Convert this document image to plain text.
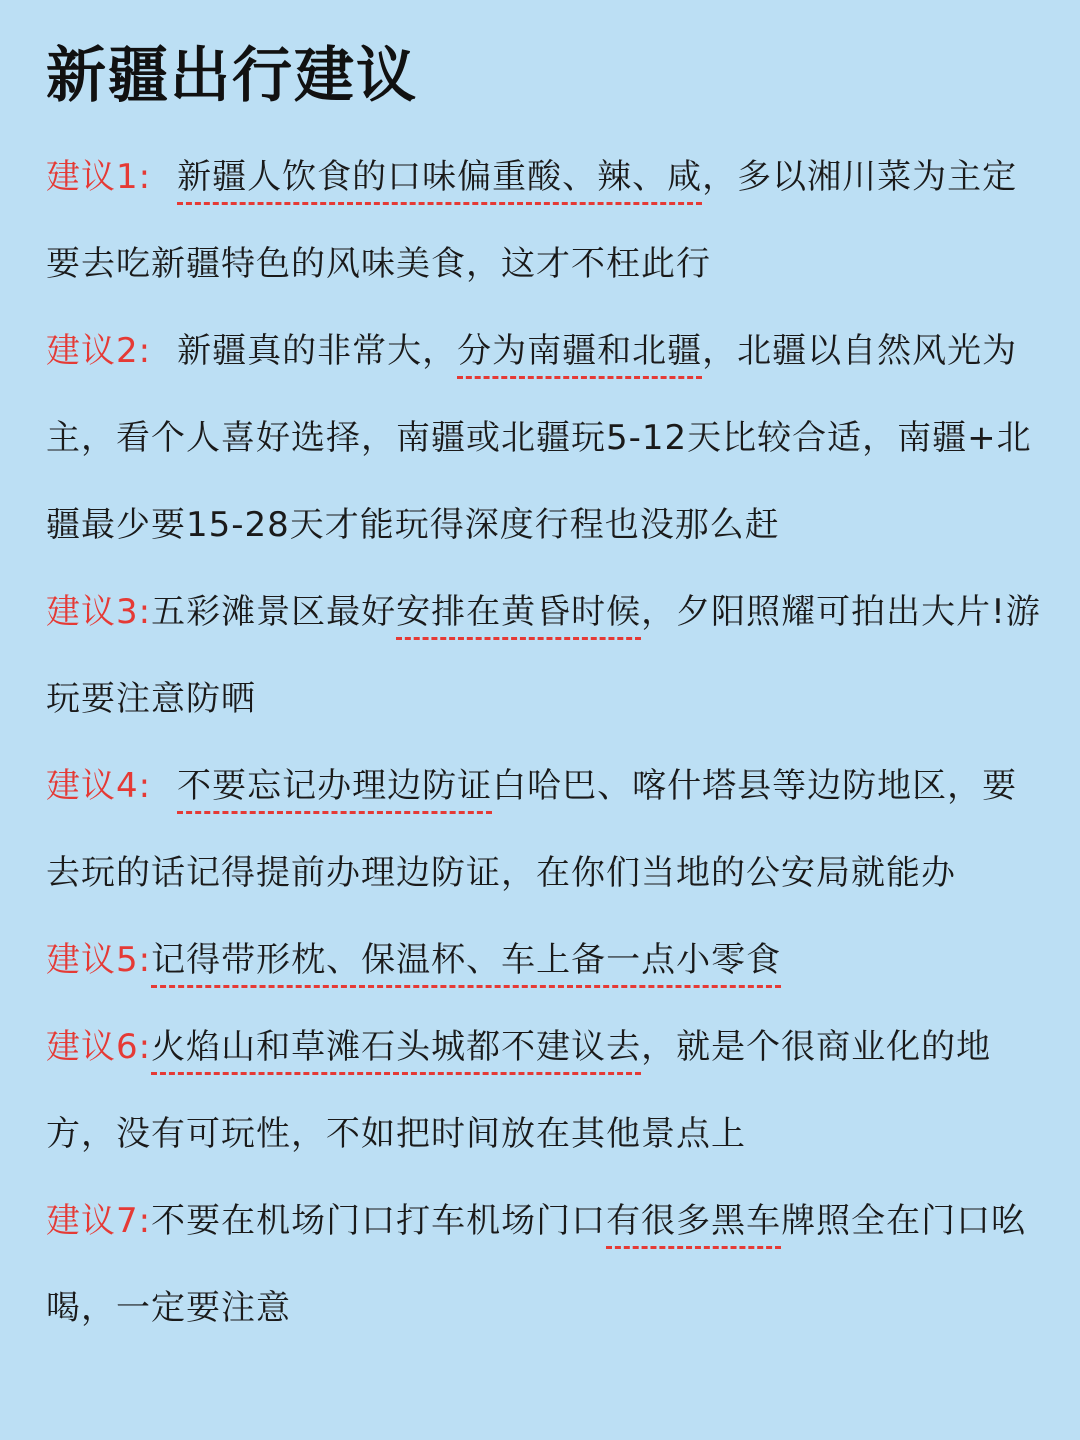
新疆出行建议
建议1: 新疆人饮食的口味偏重酸、辣、咸，多以湘川菜为主定要去吃新疆特色的风味美食，这才不枉此行
建议2: 新疆真的非常大，分为南疆和北疆，北疆以自然风光为主，看个人喜好选择，南疆或北疆玩5-12天比较合适，南疆+北疆最少要15-28天才能玩得深度行程也没那么赶
建议3:五彩滩景区最好安排在黄昏时候，夕阳照耀可拍出大片!游玩要注意防晒
建议4: 不要忘记办理边防证白哈巴、喀什塔县等边防地区，要去玩的话记得提前办理边防证，在你们当地的公安局就能办
建议5:记得带形枕、保温杯、车上备一点小零食
建议6:火焰山和草滩石头城都不建议去，就是个很商业化的地方，没有可玩性，不如把时间放在其他景点上
建议7:不要在机场门口打车机场门口有很多黑车牌照全在门口吆喝，一定要注意
